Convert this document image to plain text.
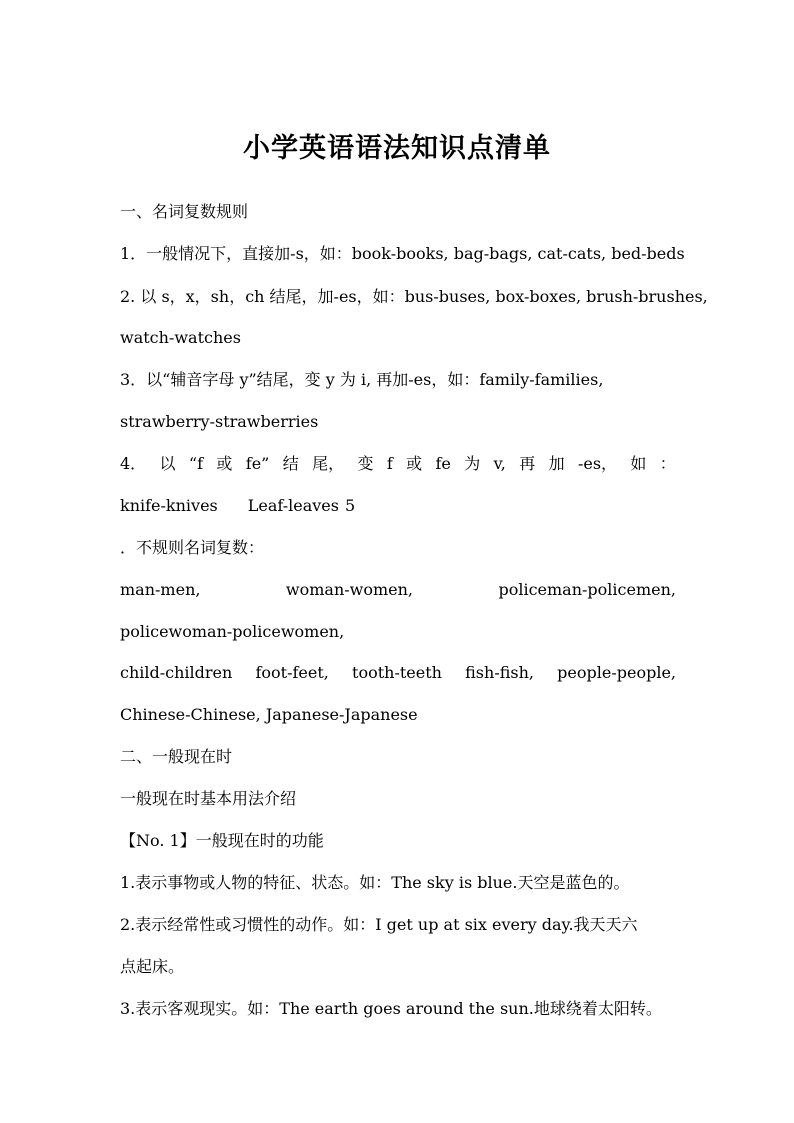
小学英语语法知识点清单

一、名词复数规则

1．一般情况下，直接加-s，如：book-books, bag-bags, cat-cats, bed-beds

2. 以 s，x，sh，ch 结尾，加-es，如：bus-buses, box-boxes, brush-brushes,

watch-watches

3．以“辅音字母 y”结尾，变 y 为 i, 再加-es，如：family-families,

strawberry-strawberries

4． 以 “f 或 fe” 结 尾， 变 f 或 fe 为 v, 再 加 -es， 如 ：

knife-knives Leaf-leaves 5

．不规则名词复数：

man-men,	woman-women,	policeman-policemen,

policewoman-policewomen,

child-children foot-feet, tooth-teeth fish-fish, people-people,

Chinese-Chinese, Japanese-Japanese

二、一般现在时

一般现在时基本用法介绍

【No. 1】一般现在时的功能

1.表示事物或人物的特征、状态。如：The sky is blue.天空是蓝色的。

2.表示经常性或习惯性的动作。如：I get up at six every day.我天天六

点起床。

3.表示客观现实。如：The earth goes around the sun.地球绕着太阳转。
